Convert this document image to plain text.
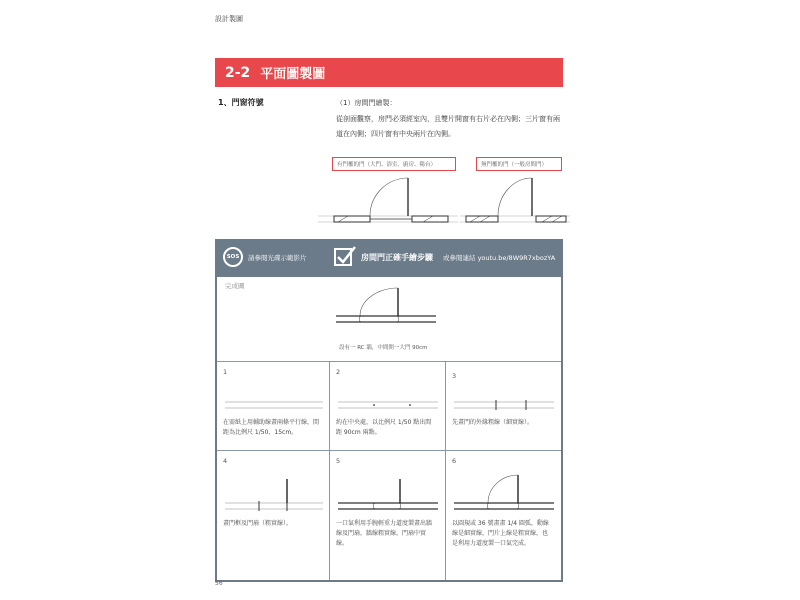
設計製圖
2-2 平面圖製圖
1、門窗符號	（1）房間門繪製：
從剖面觀察，房門必須經室內，且雙片開窗有右片必在內側；三片窗有兩道在內側；四片窗有中央兩片在內側。
有門檻的門（大門、浴室、廚房、陽台）	無門檻的門（一般房間門）
SOS 請參閱光碟示範影片	房間門正確手繪步驟 或參閱連結 youtu.be/8W9R7xbozYA
完成圖
設有一 RC 牆，中間開一大門 90cm
1
在需紙上用輔助線畫兩條平行線，間距為比例尺 1/50、15cm。
2
約在中央處，以比例尺 1/50 點出間距 90cm 兩點。
3
先畫門的外緣粗線（細實線）。
4
畫門框及門扇（粗實線）。
5
一口氣利用手腕輕重力道度製畫出牆線及門扇，牆線粗實線，門扇中實線。
6
以圓規或 36 號畫畫 1/4 圓弧，動線線是細實線，門片上線是粗實線，也是利用力道度製一口氣完成。
56
